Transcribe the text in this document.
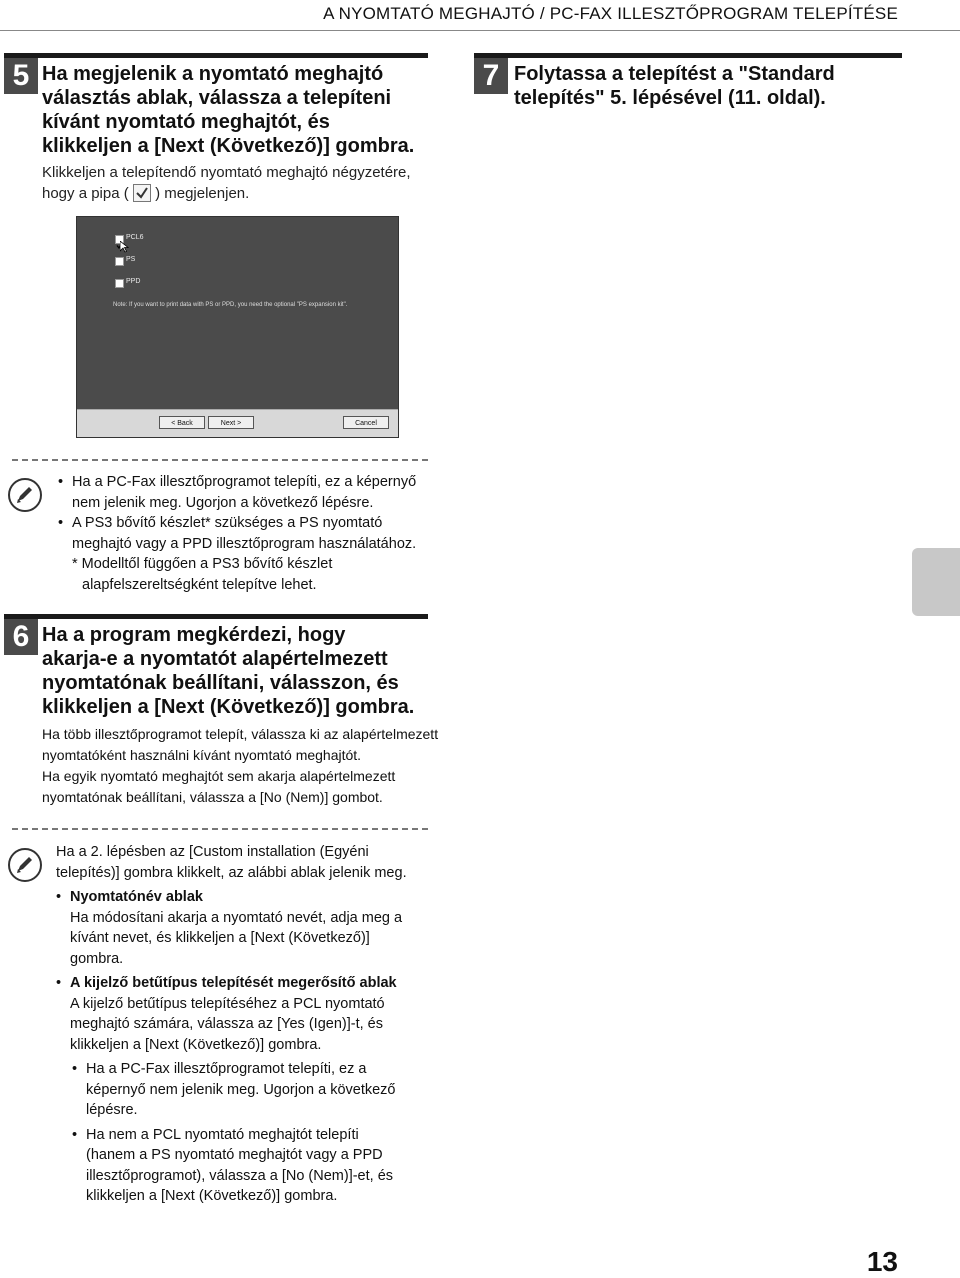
A NYOMTATÓ MEGHAJTÓ / PC-FAX ILLESZTŐPROGRAM TELEPÍTÉSE
5 Ha megjelenik a nyomtató meghajtó
választás ablak, válassza a telepíteni
kívánt nyomtató meghajtót, és
klikkeljen a [Next (Következő)] gombra.
Klikkeljen a telepítendő nyomtató meghajtó négyzetére,
hogy a pipa ( ) megjelenjen.
PCL6
PS
PPD
Note: If you want to print data with PS or PPD, you need the optional "PS expansion kit".
< Back	Next >	Cancel
• Ha a PC-Fax illesztőprogramot telepíti, ez a képernyő
nem jelenik meg. Ugorjon a következő lépésre.
• A PS3 bővítő készlet* szükséges a PS nyomtató
meghajtó vagy a PPD illesztőprogram használatához.
* Modelltől függően a PS3 bővítő készlet
alapfelszereltségként telepítve lehet.
7 Folytassa a telepítést a "Standard
telepítés" 5. lépésével (11. oldal).
6 Ha a program megkérdezi, hogy
akarja-e a nyomtatót alapértelmezett
nyomtatónak beállítani, válasszon, és
klikkeljen a [Next (Következő)] gombra.
Ha több illesztőprogramot telepít, válassza ki az alapértelmezett
nyomtatóként használni kívánt nyomtató meghajtót.
Ha egyik nyomtató meghajtót sem akarja alapértelmezett
nyomtatónak beállítani, válassza a [No (Nem)] gombot.
Ha a 2. lépésben az [Custom installation (Egyéni
telepítés)] gombra klikkelt, az alábbi ablak jelenik meg.
• Nyomtatónév ablak
Ha módosítani akarja a nyomtató nevét, adja meg a
kívánt nevet, és klikkeljen a [Next (Következő)]
gombra.
• A kijelző betűtípus telepítését megerősítő ablak
A kijelző betűtípus telepítéséhez a PCL nyomtató
meghajtó számára, válassza az [Yes (Igen)]-t, és
klikkeljen a [Next (Következő)] gombra.
• Ha a PC-Fax illesztőprogramot telepíti, ez a
képernyő nem jelenik meg. Ugorjon a következő
lépésre.
• Ha nem a PCL nyomtató meghajtót telepíti
(hanem a PS nyomtató meghajtót vagy a PPD
illesztőprogramot), válassza a [No (Nem)]-et, és
klikkeljen a [Next (Következő)] gombra.
13
